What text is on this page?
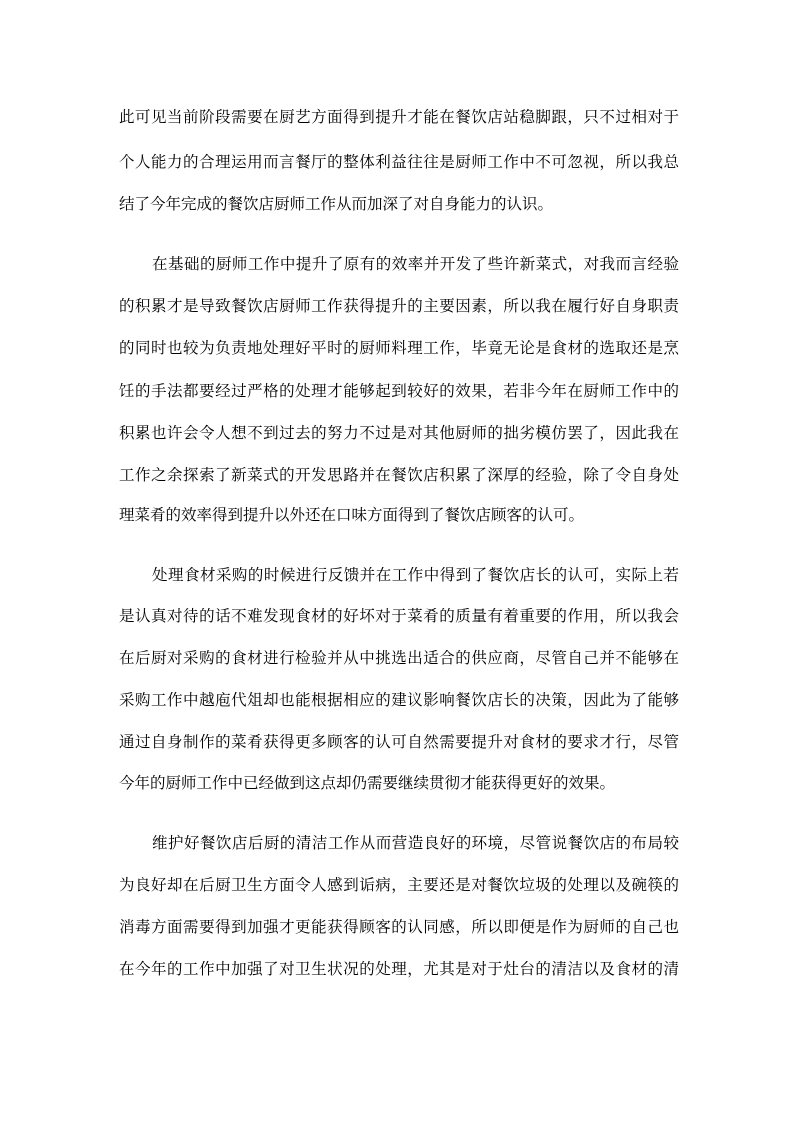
此可见当前阶段需要在厨艺方面得到提升才能在餐饮店站稳脚跟，只不过相对于
个人能力的合理运用而言餐厅的整体利益往往是厨师工作中不可忽视，所以我总
结了今年完成的餐饮店厨师工作从而加深了对自身能力的认识。
在基础的厨师工作中提升了原有的效率并开发了些许新菜式，对我而言经验
的积累才是导致餐饮店厨师工作获得提升的主要因素，所以我在履行好自身职责
的同时也较为负责地处理好平时的厨师料理工作，毕竟无论是食材的选取还是烹
饪的手法都要经过严格的处理才能够起到较好的效果，若非今年在厨师工作中的
积累也许会令人想不到过去的努力不过是对其他厨师的拙劣模仿罢了，因此我在
工作之余探索了新菜式的开发思路并在餐饮店积累了深厚的经验，除了令自身处
理菜肴的效率得到提升以外还在口味方面得到了餐饮店顾客的认可。
处理食材采购的时候进行反馈并在工作中得到了餐饮店长的认可，实际上若
是认真对待的话不难发现食材的好坏对于菜肴的质量有着重要的作用，所以我会
在后厨对采购的食材进行检验并从中挑选出适合的供应商，尽管自己并不能够在
采购工作中越庖代俎却也能根据相应的建议影响餐饮店长的决策，因此为了能够
通过自身制作的菜肴获得更多顾客的认可自然需要提升对食材的要求才行，尽管
今年的厨师工作中已经做到这点却仍需要继续贯彻才能获得更好的效果。
维护好餐饮店后厨的清洁工作从而营造良好的环境，尽管说餐饮店的布局较
为良好却在后厨卫生方面令人感到诟病，主要还是对餐饮垃圾的处理以及碗筷的
消毒方面需要得到加强才更能获得顾客的认同感，所以即便是作为厨师的自己也
在今年的工作中加强了对卫生状况的处理，尤其是对于灶台的清洁以及食材的清
